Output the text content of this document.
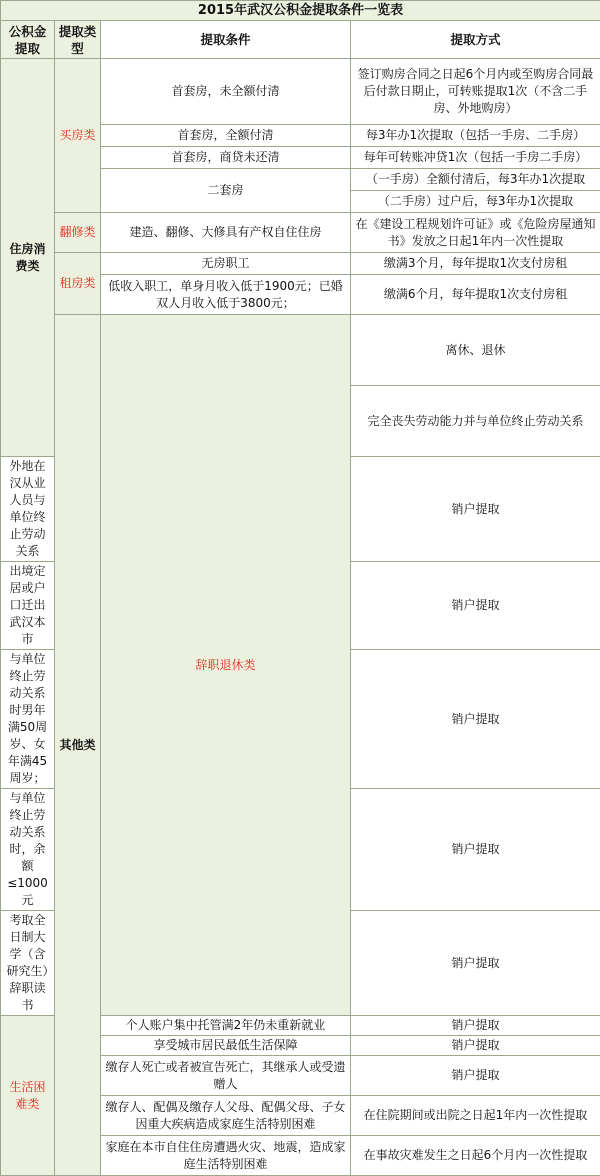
2015年武汉公积金提取条件一览表				
公积金提取	提取类型	提取条件	提取方式	
住房消费类	买房类	首套房，未全额付清	签订购房合同之日起6个月内或至购房合同最后付款日期止，可转账提取1次（不含二手房、外地购房）	
		首套房，全额付清	每3年办1次提取（包括一手房、二手房）	
		首套房，商贷未还清	每年可转账冲贷1次（包括一手房二手房）	
		二套房	（一手房）全额付清后，每3年办1次提取	
			（二手房）过户后，每3年办1次提取	
	翻修类	建造、翻修、大修具有产权自住住房	在《建设工程规划许可证》或《危险房屋通知书》发放之日起1年内一次性提取	
	租房类	无房职工	缴满3个月，每年提取1次支付房租	
		低收入职工，单身月收入低于1900元；已婚双人月收入低于3800元；	缴满6个月，每年提取1次支付房租	
	其他类	辞职退休类	离休、退休	
			完全丧失劳动能力并与单位终止劳动关系	
外地在汉从业人员与单位终止劳动关系			销户提取	
出境定居或户口迁出武汉本市			销户提取	
与单位终止劳动关系时男年满50周岁、女年满45周岁；			销户提取	
与单位终止劳动关系时，余额≤1000元			销户提取	
考取全日制大学（含研究生）辞职读书			销户提取	
生活困难类		个人账户集中托管满2年仍未重新就业	销户提取	
		享受城市居民最低生活保障	销户提取	
		缴存人死亡或者被宣告死亡，其继承人或受遗赠人	销户提取	
		缴存人、配偶及缴存人父母、配偶父母、子女因重大疾病造成家庭生活特别困难	在住院期间或出院之日起1年内一次性提取	
		家庭在本市自住住房遭遇火灾、地震，造成家庭生活特别困难	在事故灾难发生之日起6个月内一次性提取	
